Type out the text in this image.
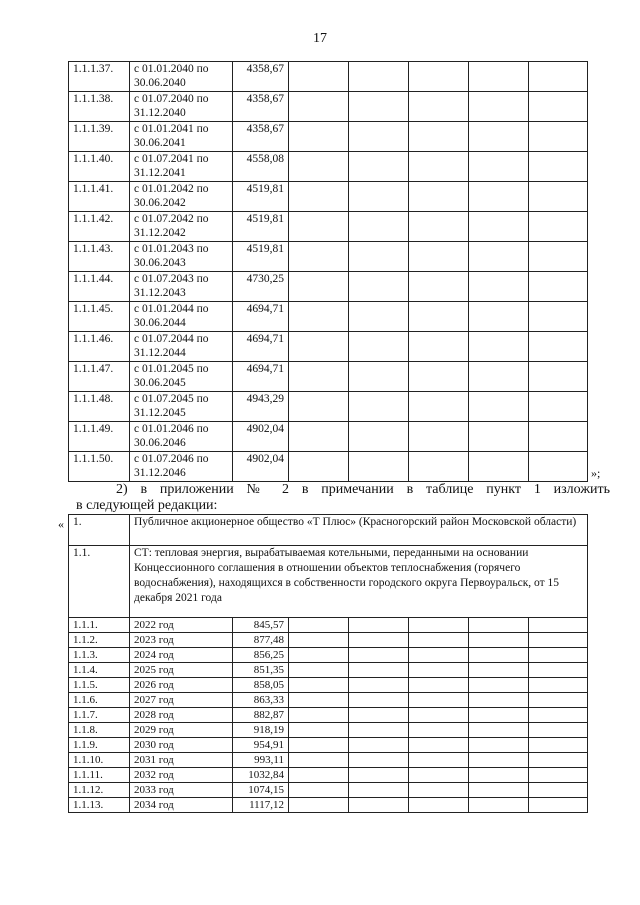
17
1.1.1.37.	с 01.01.2040 по 30.06.2040	4358,67					
1.1.1.38.	с 01.07.2040 по 31.12.2040	4358,67					
1.1.1.39.	с 01.01.2041 по 30.06.2041	4358,67					
1.1.1.40.	с 01.07.2041 по 31.12.2041	4558,08					
1.1.1.41.	с 01.01.2042 по 30.06.2042	4519,81					
1.1.1.42.	с 01.07.2042 по 31.12.2042	4519,81					
1.1.1.43.	с 01.01.2043 по 30.06.2043	4519,81					
1.1.1.44.	с 01.07.2043 по 31.12.2043	4730,25					
1.1.1.45.	с 01.01.2044 по 30.06.2044	4694,71					
1.1.1.46.	с 01.07.2044 по 31.12.2044	4694,71					
1.1.1.47.	с 01.01.2045 по 30.06.2045	4694,71					
1.1.1.48.	с 01.07.2045 по 31.12.2045	4943,29					
1.1.1.49.	с 01.01.2046 по 30.06.2046	4902,04					
1.1.1.50.	с 01.07.2046 по 31.12.2046	4902,04					
»;
2) в приложении № 2 в примечании в таблице пункт 1 изложить
в следующей редакции:
« 1.	Публичное акционерное общество «Т Плюс» (Красногорский район Московской области)						
1.1.	СТ: тепловая энергия, вырабатываемая котельными, переданными на основании Концессионного соглашения в отношении объектов теплоснабжения (горячего водоснабжения), находящихся в собственности городского округа Первоуральск, от 15 декабря 2021 года						
1.1.1.	2022 год	845,57					
1.1.2.	2023 год	877,48					
1.1.3.	2024 год	856,25					
1.1.4.	2025 год	851,35					
1.1.5.	2026 год	858,05					
1.1.6.	2027 год	863,33					
1.1.7.	2028 год	882,87					
1.1.8.	2029 год	918,19					
1.1.9.	2030 год	954,91					
1.1.10.	2031 год	993,11					
1.1.11.	2032 год	1032,84					
1.1.12.	2033 год	1074,15					
1.1.13.	2034 год	1117,12					
